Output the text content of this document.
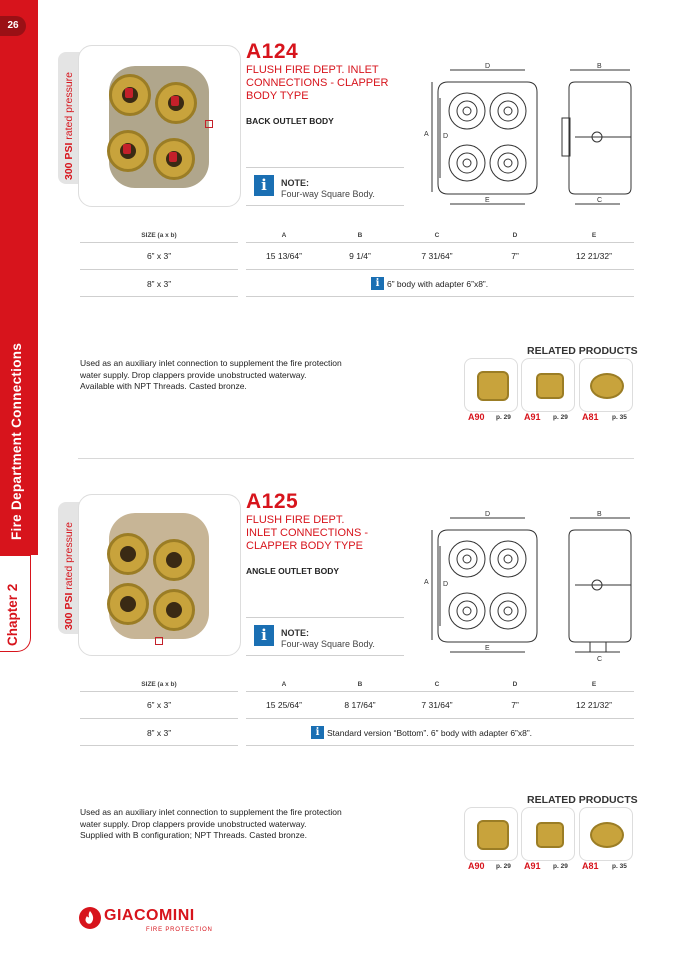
26
Fire Department Connections
Chapter 2
300 PSI rated pressure
A124
FLUSH FIRE DEPT. INLET
CONNECTIONS - CLAPPER
BODY TYPE
BACK OUTLET BODY
i	NOTE:
Four-way Square Body.
D
A D
E
B
C
SIZE (a x b)	A	B	C	D	E
6” x 3”	15 13/64”	9 1/4”	7 31/64”	7”	12 21/32”
8” x 3”	i 6” body with adapter 6”x8”.
Used as an auxiliary inlet connection to supplement the fire protection
water supply. Drop clappers provide unobstructed waterway.
Available with NPT Threads. Casted bronze.
RELATED PRODUCTS
A90 p. 29 A91 p. 29 A81 p. 35
300 PSI rated pressure
A125
FLUSH FIRE DEPT.
INLET CONNECTIONS -
CLAPPER BODY TYPE
ANGLE OUTLET BODY
i	NOTE:
Four-way Square Body.
D
A D
E
B
C
SIZE (a x b)	A	B	C	D	E
6” x 3”	15 25/64”	8 17/64”	7 31/64”	7”	12 21/32”
8” x 3”	i Standard version “Bottom”. 6” body with adapter 6”x8”.
Used as an auxiliary inlet connection to supplement the fire protection
water supply. Drop clappers provide unobstructed waterway.
Supplied with B configuration; NPT Threads. Casted bronze.
RELATED PRODUCTS
A90 p. 29 A91 p. 29 A81 p. 35
GIACOMINI
FIRE PROTECTION
